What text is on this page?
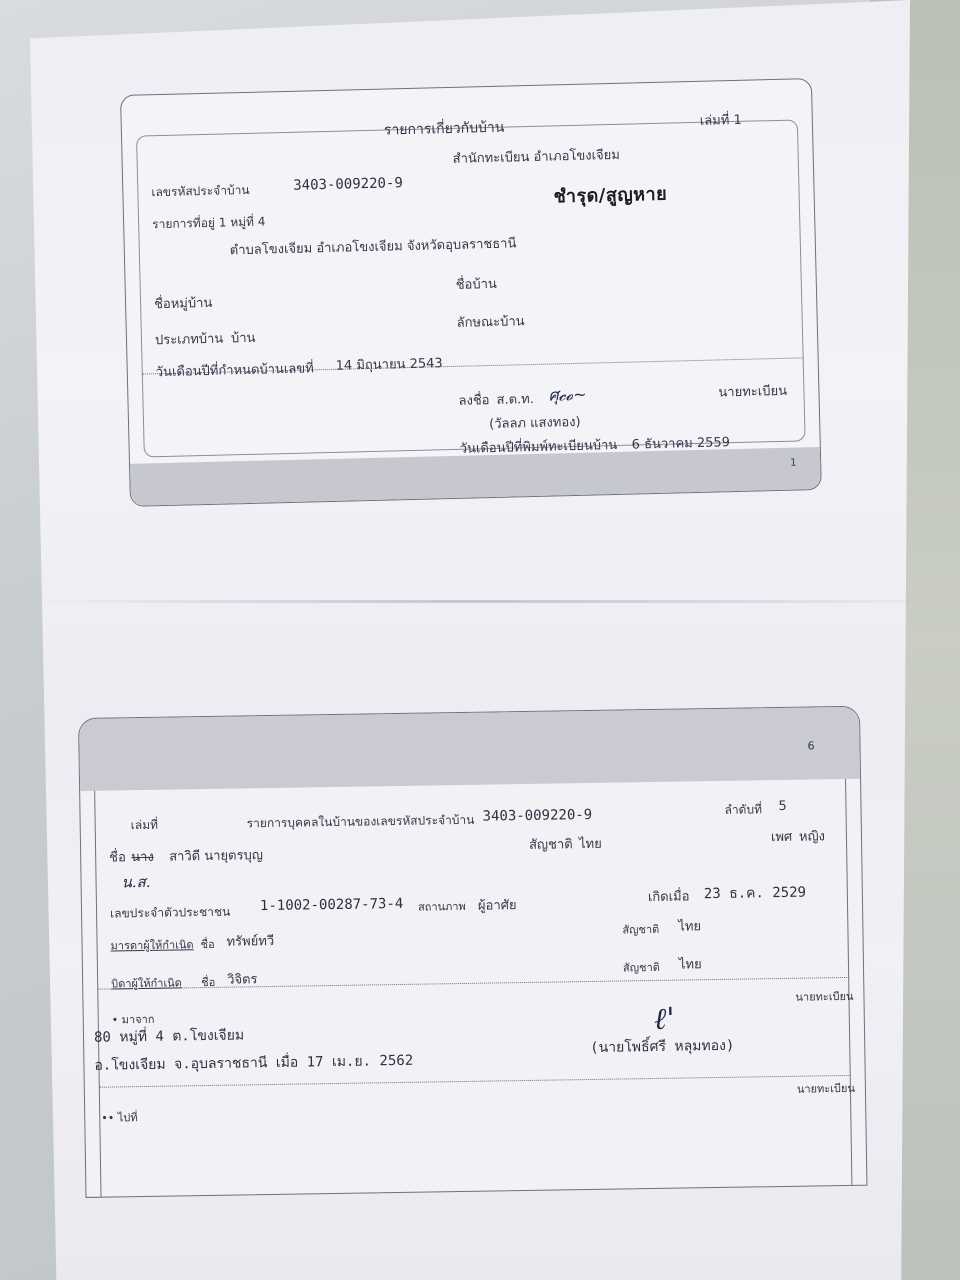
รายการเกี่ยวกับบ้าน	เล่มที่ 1
สำนักทะเบียน อำเภอโขงเจียม
เลขรหัสประจำบ้าน	3403-009220-9	ชำรุด/สูญหาย
รายการที่อยู่ 1 หมู่ที่ 4
ตำบลโขงเจียม อำเภอโขงเจียม จังหวัดอุบลราชธานี
ชื่อบ้าน
ชื่อหมู่บ้าน
ประเภทบ้าน บ้าน
ลักษณะบ้าน
วันเดือนปีที่กำหนดบ้านเลขที่ 14 มิถุนายน 2543
ลงชื่อ ส.ต.ท. ศุ𝓬𝓸~	นายทะเบียน
(วัลลภ แสงทอง)
วันเดือนปีที่พิมพ์ทะเบียนบ้าน 6 ธันวาคม 2559
1
6
เล่มที่	รายการบุคคลในบ้านของเลขรหัสประจำบ้าน 3403-009220-9	ลำดับที่ 5
ชื่อ นาง สาวิดี นายุตรบุญ
น.ส.
สัญชาติ ไทย	เพศ หญิง
เลขประจำตัวประชาชน 1-1002-00287-73-4 สถานภาพ ผู้อาศัย
เกิดเมื่อ 23 ธ.ค. 2529
มารดาผู้ให้กำเนิด ชื่อ ทรัพย์ทวี
สัญชาติ ไทย
บิดาผู้ให้กำเนิด ชื่อ วิจิตร
สัญชาติ ไทย
• มาจาก
นายทะเบียน
80 หมู่ที่ 4 ต.โขงเจียม
อ.โขงเจียม จ.อุบลราชธานี เมื่อ 17 เม.ย. 2562
ℓ'
(นายโพธิ์ศรี หลุมทอง)
•• ไปที่
นายทะเบียน
